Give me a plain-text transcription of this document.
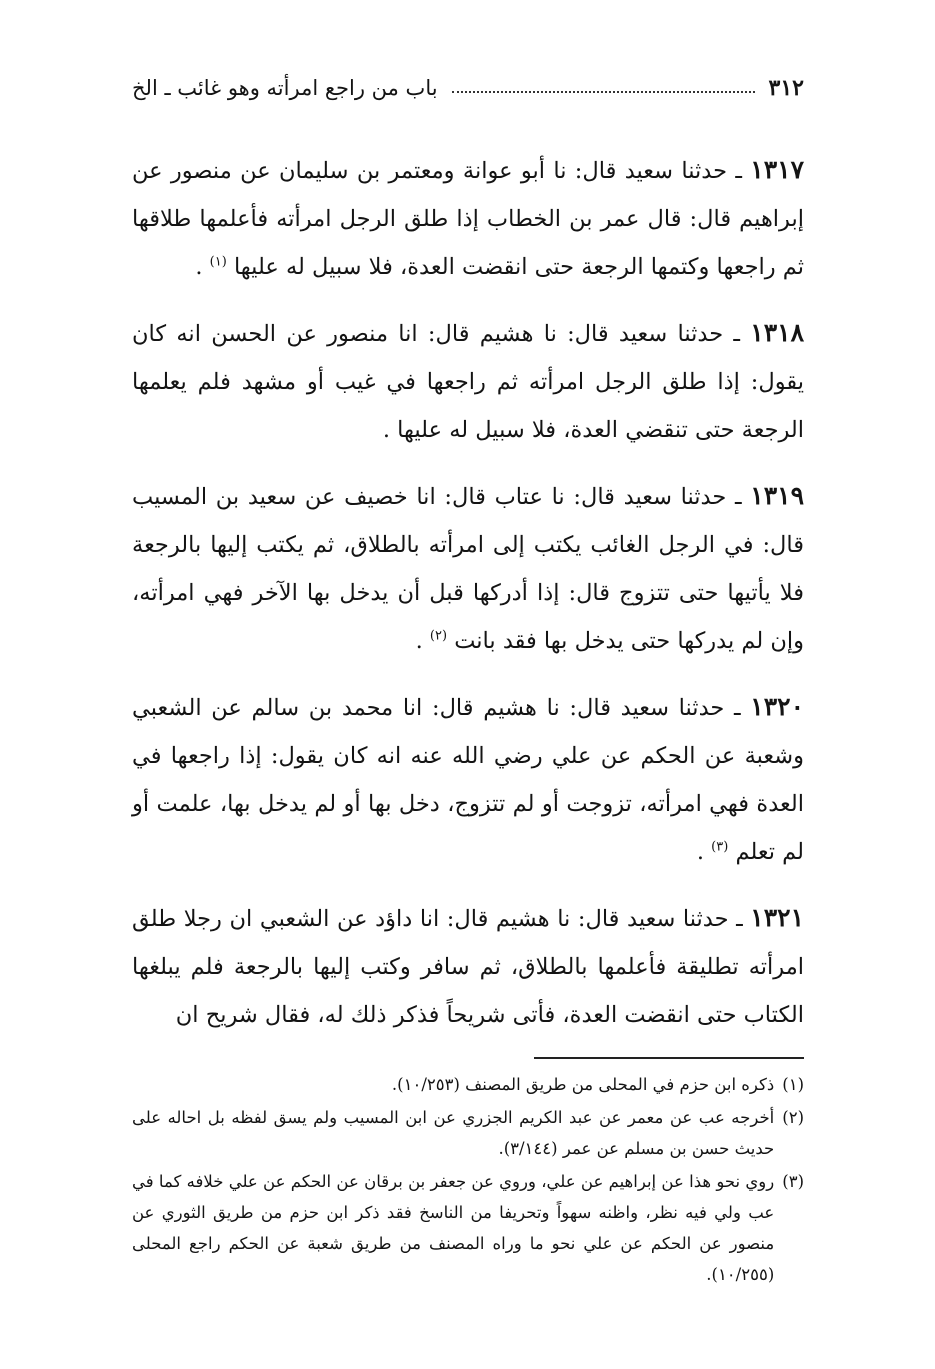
٣١٢
باب من راجع امرأته وهو غائب ـ الخ

١٣١٧ ـ حدثنا سعيد قال: نا أبو عوانة ومعتمر بن سليمان عن منصور عن إبراهيم قال: قال عمر بن الخطاب إذا طلق الرجل امرأته فأعلمها طلاقها ثم راجعها وكتمها الرجعة حتى انقضت العدة، فلا سبيل له عليها $^{(١)}$ .

١٣١٨ ـ حدثنا سعيد قال: نا هشيم قال: انا منصور عن الحسن انه كان يقول: إذا طلق الرجل امرأته ثم راجعها في غيب أو مشهد فلم يعلمها الرجعة حتى تنقضي العدة، فلا سبيل له عليها .

١٣١٩ ـ حدثنا سعيد قال: نا عتاب قال: انا خصيف عن سعيد بن المسيب قال: في الرجل الغائب يكتب إلى امرأته بالطلاق، ثم يكتب إليها بالرجعة فلا يأتيها حتى تتزوج قال: إذا أدركها قبل أن يدخل بها الآخر فهي امرأته، وإن لم يدركها حتى يدخل بها فقد بانت $^{(٢)}$ .

١٣٢٠ ـ حدثنا سعيد قال: نا هشيم قال: انا محمد بن سالم عن الشعبي وشعبة عن الحكم عن علي رضي الله عنه انه كان يقول: إذا راجعها في العدة فهي امرأته، تزوجت أو لم تتزوج، دخل بها أو لم يدخل بها، علمت أو لم تعلم $^{(٣)}$ .

١٣٢١ ـ حدثنا سعيد قال: نا هشيم قال: انا داؤد عن الشعبي ان رجلا طلق امرأته تطليقة فأعلمها بالطلاق، ثم سافر وكتب إليها بالرجعة فلم يبلغها الكتاب حتى انقضت العدة، فأتى شريحاً فذكر ذلك له، فقال شريح ان

(١)
ذكره ابن حزم في المحلى من طريق المصنف (١٠/٢٥٣).
(٢)
أخرجه عب عن معمر عن عبد الكريم الجزري عن ابن المسيب ولم يسق لفظه بل احاله على حديث حسن بن مسلم عن عمر (٣/١٤٤).
(٣)
روي نحو هذا عن إبراهيم عن علي، وروي عن جعفر بن برقان عن الحكم عن علي خلافه كما في عب ولي فيه نظر، واظنه سهواً وتحريفا من الناسخ فقد ذكر ابن حزم من طريق الثوري عن منصور عن الحكم عن علي نحو ما وراه المصنف من طريق شعبة عن الحكم راجع المحلى (١٠/٢٥٥).
